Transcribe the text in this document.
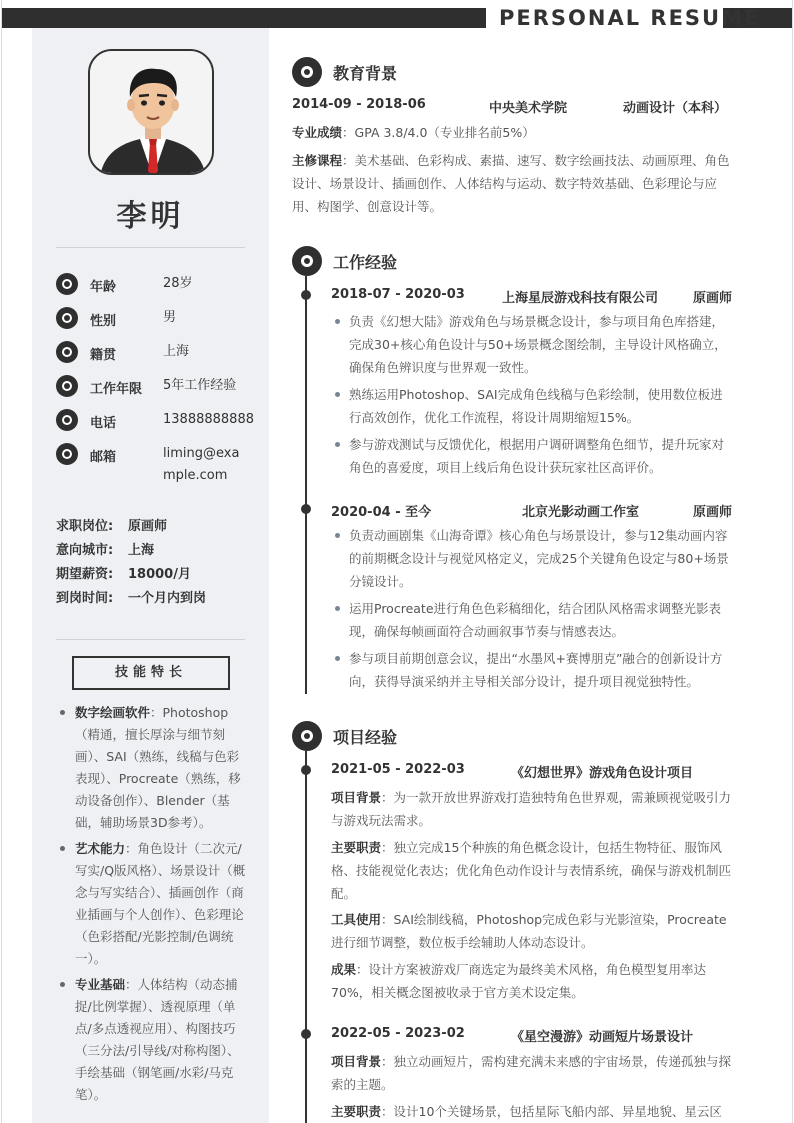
PERSONAL RESUME
李明
年龄	28岁
性别	男
籍贯	上海
工作年限 5年工作经验
电话	13888888888
邮箱	liming@example.com
求职岗位: 原画师
意向城市: 上海
期望薪资: 18000/月
到岗时间: 一个月内到岗
技能特长
数字绘画软件：Photoshop（精通，擅长厚涂与细节刻画）、SAI（熟练，线稿与色彩表现）、Procreate（熟练，移动设备创作）、Blender（基础，辅助场景3D参考）。
艺术能力：角色设计（二次元/写实/Q版风格）、场景设计（概念与写实结合）、插画创作（商业插画与个人创作）、色彩理论（色彩搭配/光影控制/色调统一）。
专业基础：人体结构（动态捕捉/比例掌握）、透视原理（单点/多点透视应用）、构图技巧（三分法/引导线/对称构图）、手绘基础（钢笔画/水彩/马克笔）。
教育背景
2014-09 - 2018-06	中央美术学院	动画设计（本科）
专业成绩：GPA 3.8/4.0（专业排名前5%）
主修课程：美术基础、色彩构成、素描、速写、数字绘画技法、动画原理、角色设计、场景设计、插画创作、人体结构与运动、数字特效基础、色彩理论与应用、构图学、创意设计等。
工作经验
2018-07 - 2020-03	上海星辰游戏科技有限公司	原画师
负责《幻想大陆》游戏角色与场景概念设计，参与项目角色库搭建，完成30+核心角色设计与50+场景概念图绘制，主导设计风格确立，确保角色辨识度与世界观一致性。
熟练运用Photoshop、SAI完成角色线稿与色彩绘制，使用数位板进行高效创作，优化工作流程，将设计周期缩短15%。
参与游戏测试与反馈优化，根据用户调研调整角色细节，提升玩家对角色的喜爱度，项目上线后角色设计获玩家社区高评价。
2020-04 - 至今	北京光影动画工作室	原画师
负责动画剧集《山海奇谭》核心角色与场景设计，参与12集动画内容的前期概念设计与视觉风格定义，完成25个关键角色设定与80+场景分镜设计。
运用Procreate进行角色色彩稿细化，结合团队风格需求调整光影表现，确保每帧画面符合动画叙事节奏与情感表达。
参与项目前期创意会议，提出“水墨风+赛博朋克”融合的创新设计方向，获得导演采纳并主导相关部分设计，提升项目视觉独特性。
项目经验
2021-05 - 2022-03	《幻想世界》游戏角色设计项目
项目背景：为一款开放世界游戏打造独特角色世界观，需兼顾视觉吸引力与游戏玩法需求。
主要职责：独立完成15个种族的角色概念设计，包括生物特征、服饰风格、技能视觉化表达；优化角色动作设计与表情系统，确保与游戏机制匹配。
工具使用：SAI绘制线稿，Photoshop完成色彩与光影渲染，Procreate进行细节调整，数位板手绘辅助人体动态设计。
成果：设计方案被游戏厂商选定为最终美术风格，角色模型复用率达70%，相关概念图被收录于官方美术设定集。
2022-05 - 2023-02	《星空漫游》动画短片场景设计
项目背景：独立动画短片，需构建充满未来感的宇宙场景，传递孤独与探索的主题。
主要职责：设计10个关键场景，包括星际飞船内部、异星地貌、星云区
